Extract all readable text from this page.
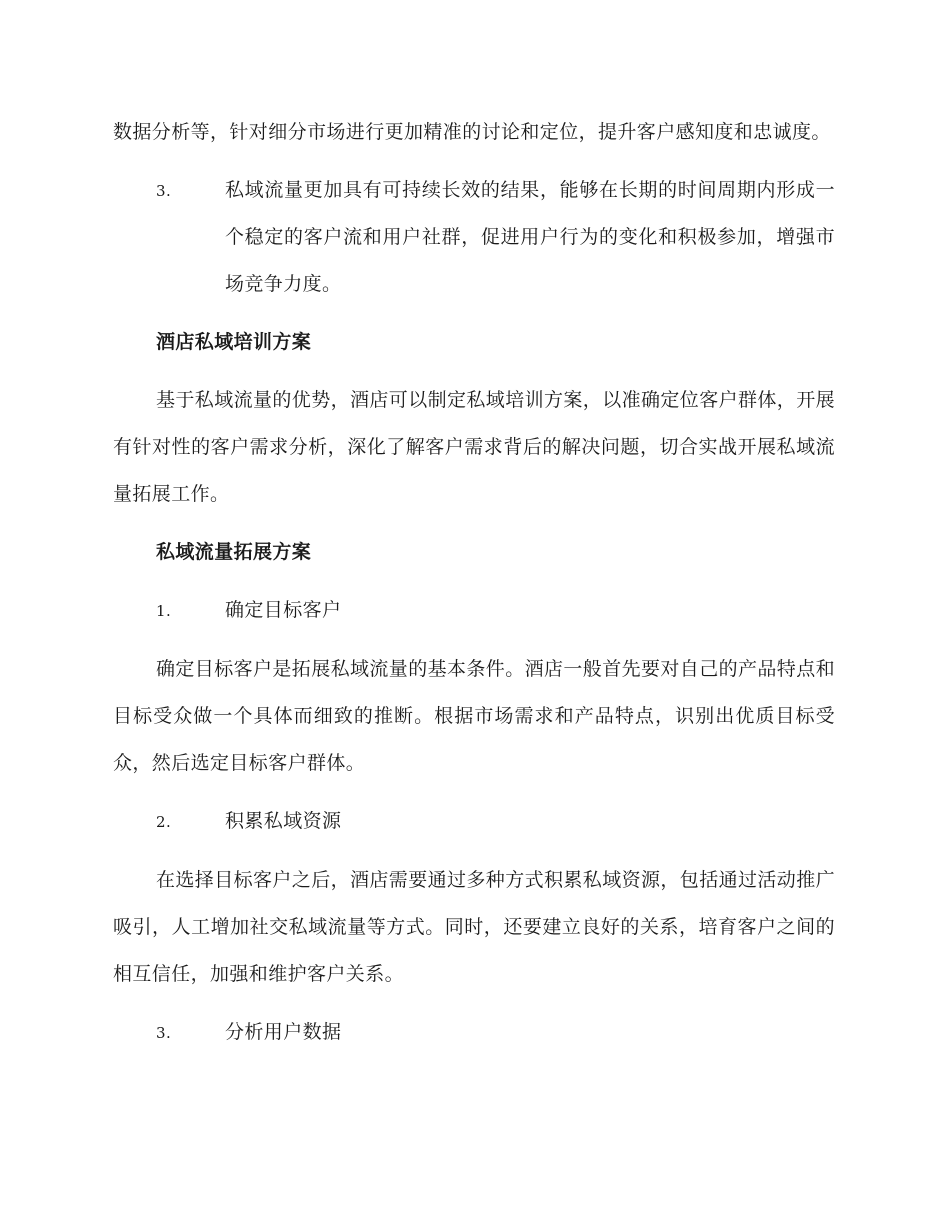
数据分析等，针对细分市场进行更加精准的讨论和定位，提升客户感知度和忠诚度。

3.	私域流量更加具有可持续长效的结果，能够在长期的时间周期内形成一个稳定的客户流和用户社群，促进用户行为的变化和积极参加，增强市场竞争力度。
酒店私域培训方案

基于私域流量的优势，酒店可以制定私域培训方案，以准确定位客户群体，开展有针对性的客户需求分析，深化了解客户需求背后的解决问题，切合实战开展私域流量拓展工作。

私域流量拓展方案
1.	确定目标客户

确定目标客户是拓展私域流量的基本条件。酒店一般首先要对自己的产品特点和目标受众做一个具体而细致的推断。根据市场需求和产品特点，识别出优质目标受众，然后选定目标客户群体。

2.	积累私域资源

在选择目标客户之后，酒店需要通过多种方式积累私域资源，包括通过活动推广吸引，人工增加社交私域流量等方式。同时，还要建立良好的关系，培育客户之间的相互信任，加强和维护客户关系。

3.	分析用户数据
